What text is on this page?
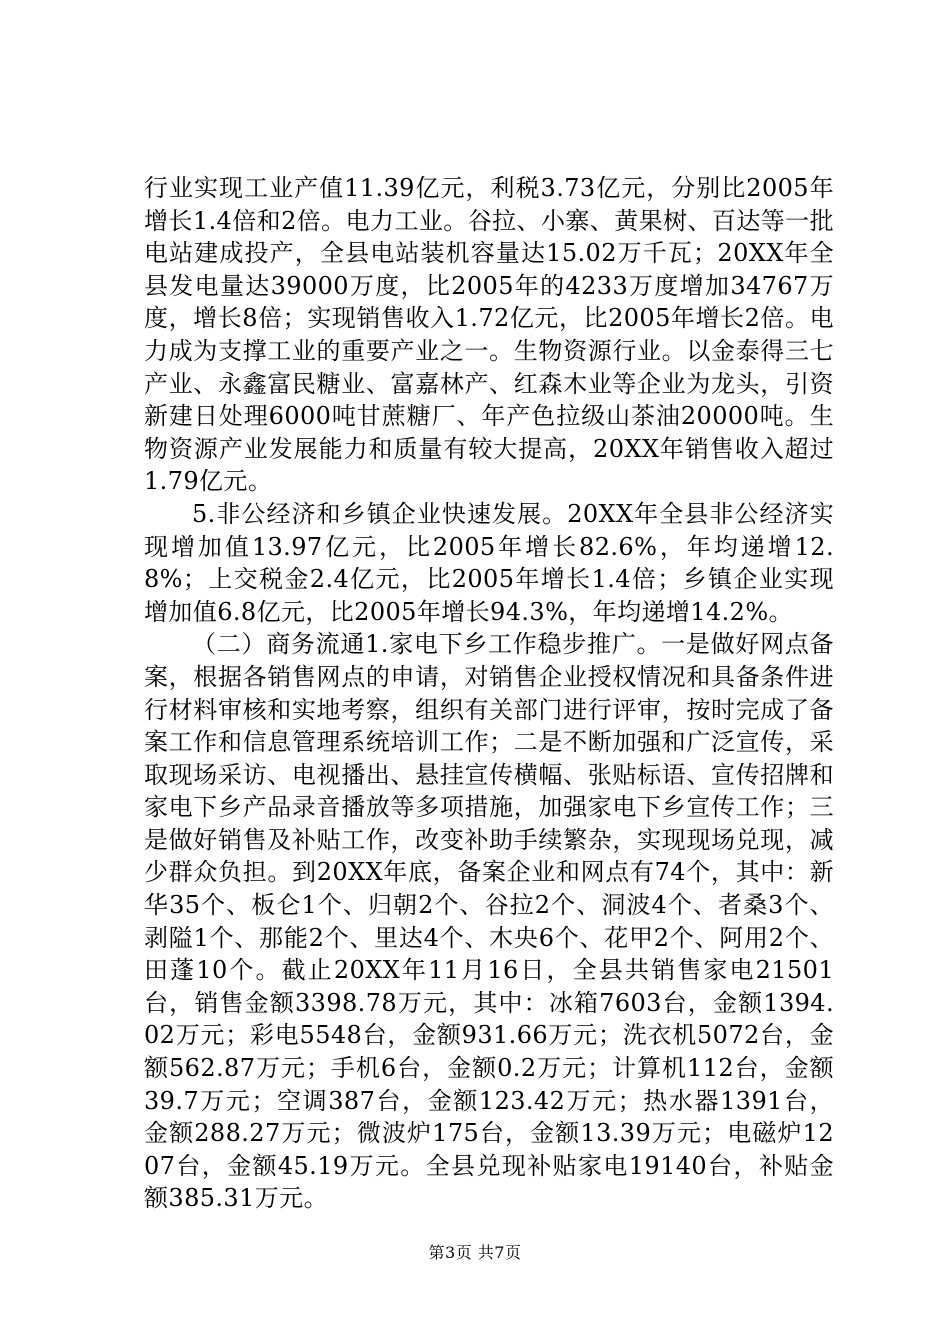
行业实现工业产值11.39亿元，利税3.73亿元，分别比2005年增长1.4倍和2倍。电力工业。谷拉、小寨、黄果树、百达等一批电站建成投产，全县电站装机容量达15.02万千瓦；20XX年全县发电量达39000万度，比2005年的4233万度增加34767万度，增长8倍；实现销售收入1.72亿元，比2005年增长2倍。电力成为支撑工业的重要产业之一。生物资源行业。以金泰得三七产业、永鑫富民糖业、富嘉林产、红森木业等企业为龙头，引资新建日处理6000吨甘蔗糖厂、年产色拉级山茶油20000吨。生物资源产业发展能力和质量有较大提高，20XX年销售收入超过1.79亿元。

5.非公经济和乡镇企业快速发展。20XX年全县非公经济实现增加值13.97亿元，比2005年增长82.6%，年均递增12.8%；上交税金2.4亿元，比2005年增长1.4倍；乡镇企业实现增加值6.8亿元，比2005年增长94.3%，年均递增14.2%。

（二）商务流通1.家电下乡工作稳步推广。一是做好网点备案，根据各销售网点的申请，对销售企业授权情况和具备条件进行材料审核和实地考察，组织有关部门进行评审，按时完成了备案工作和信息管理系统培训工作；二是不断加强和广泛宣传，采取现场采访、电视播出、悬挂宣传横幅、张贴标语、宣传招牌和家电下乡产品录音播放等多项措施，加强家电下乡宣传工作；三是做好销售及补贴工作，改变补助手续繁杂，实现现场兑现，减少群众负担。到20XX年底，备案企业和网点有74个，其中：新华35个、板仑1个、归朝2个、谷拉2个、洞波4个、者桑3个、剥隘1个、那能2个、里达4个、木央6个、花甲2个、阿用2个、田蓬10个。截止20XX年11月16日，全县共销售家电21501台，销售金额3398.78万元，其中：冰箱7603台，金额1394.02万元；彩电5548台，金额931.66万元；洗衣机5072台，金额562.87万元；手机6台，金额0.2万元；计算机112台，金额39.7万元；空调387台，金额123.42万元；热水器1391台，金额288.27万元；微波炉175台，金额13.39万元；电磁炉1207台，金额45.19万元。全县兑现补贴家电19140台，补贴金额385.31万元。

第3页 共7页
